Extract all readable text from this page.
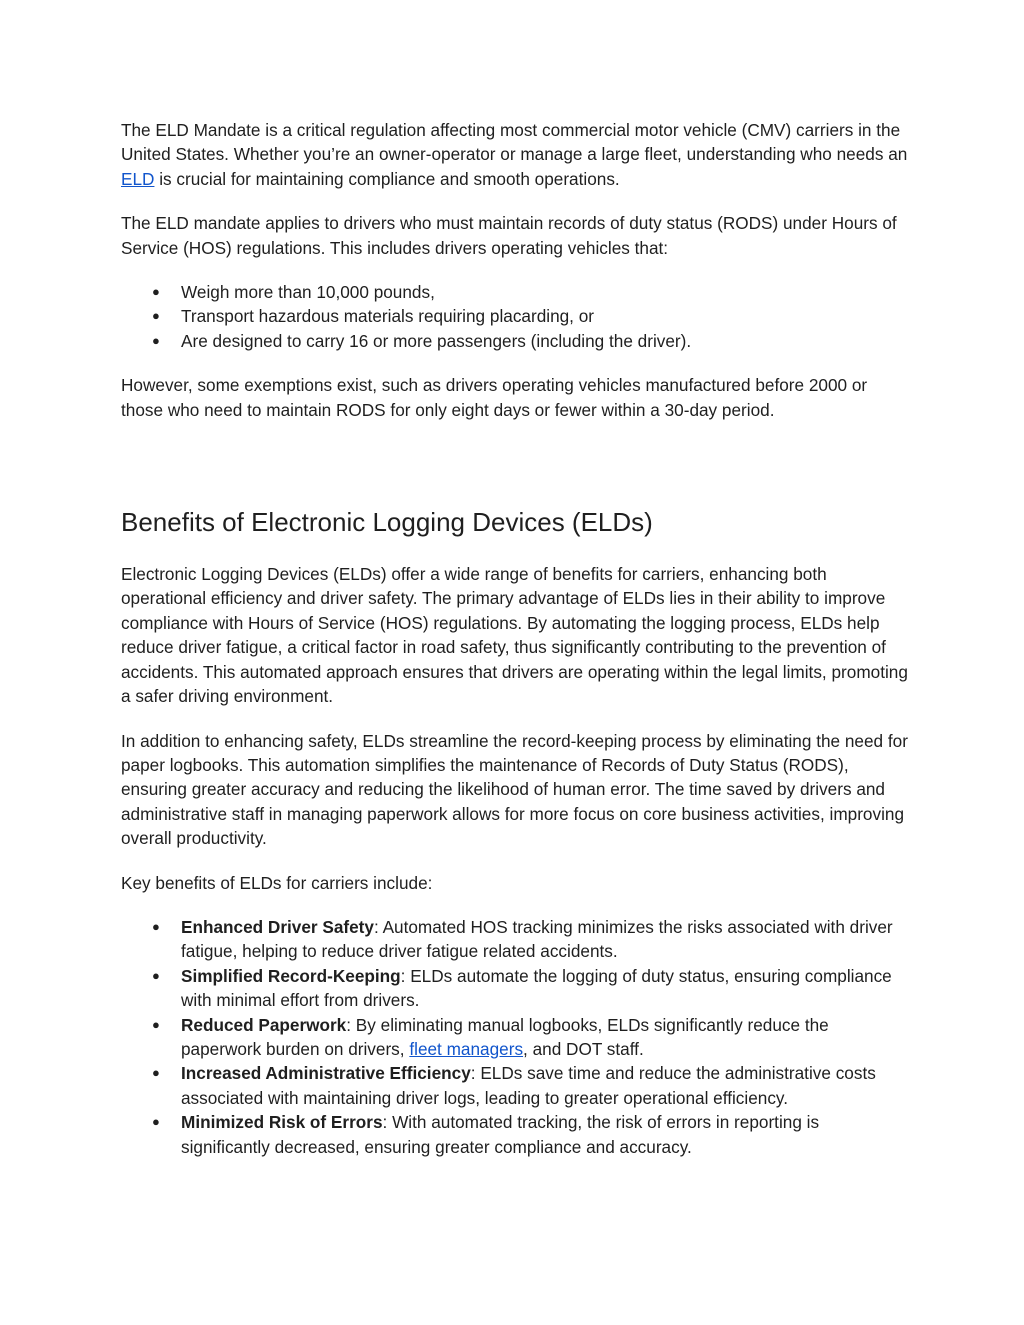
The ELD Mandate is a critical regulation affecting most commercial motor vehicle (CMV) carriers in the United States. Whether you’re an owner-operator or manage a large fleet, understanding who needs an ELD is crucial for maintaining compliance and smooth operations.

The ELD mandate applies to drivers who must maintain records of duty status (RODS) under Hours of Service (HOS) regulations. This includes drivers operating vehicles that:

● Weigh more than 10,000 pounds,
● Transport hazardous materials requiring placarding, or
● Are designed to carry 16 or more passengers (including the driver).

However, some exemptions exist, such as drivers operating vehicles manufactured before 2000 or those who need to maintain RODS for only eight days or fewer within a 30-day period.

Benefits of Electronic Logging Devices (ELDs)

Electronic Logging Devices (ELDs) offer a wide range of benefits for carriers, enhancing both operational efficiency and driver safety. The primary advantage of ELDs lies in their ability to improve compliance with Hours of Service (HOS) regulations. By automating the logging process, ELDs help reduce driver fatigue, a critical factor in road safety, thus significantly contributing to the prevention of accidents. This automated approach ensures that drivers are operating within the legal limits, promoting a safer driving environment.

In addition to enhancing safety, ELDs streamline the record-keeping process by eliminating the need for paper logbooks. This automation simplifies the maintenance of Records of Duty Status (RODS), ensuring greater accuracy and reducing the likelihood of human error. The time saved by drivers and administrative staff in managing paperwork allows for more focus on core business activities, improving overall productivity.

Key benefits of ELDs for carriers include:

● Enhanced Driver Safety: Automated HOS tracking minimizes the risks associated with driver fatigue, helping to reduce driver fatigue related accidents.
● Simplified Record-Keeping: ELDs automate the logging of duty status, ensuring compliance with minimal effort from drivers.
● Reduced Paperwork: By eliminating manual logbooks, ELDs significantly reduce the paperwork burden on drivers, fleet managers, and DOT staff.
● Increased Administrative Efficiency: ELDs save time and reduce the administrative costs associated with maintaining driver logs, leading to greater operational efficiency.
● Minimized Risk of Errors: With automated tracking, the risk of errors in reporting is significantly decreased, ensuring greater compliance and accuracy.
